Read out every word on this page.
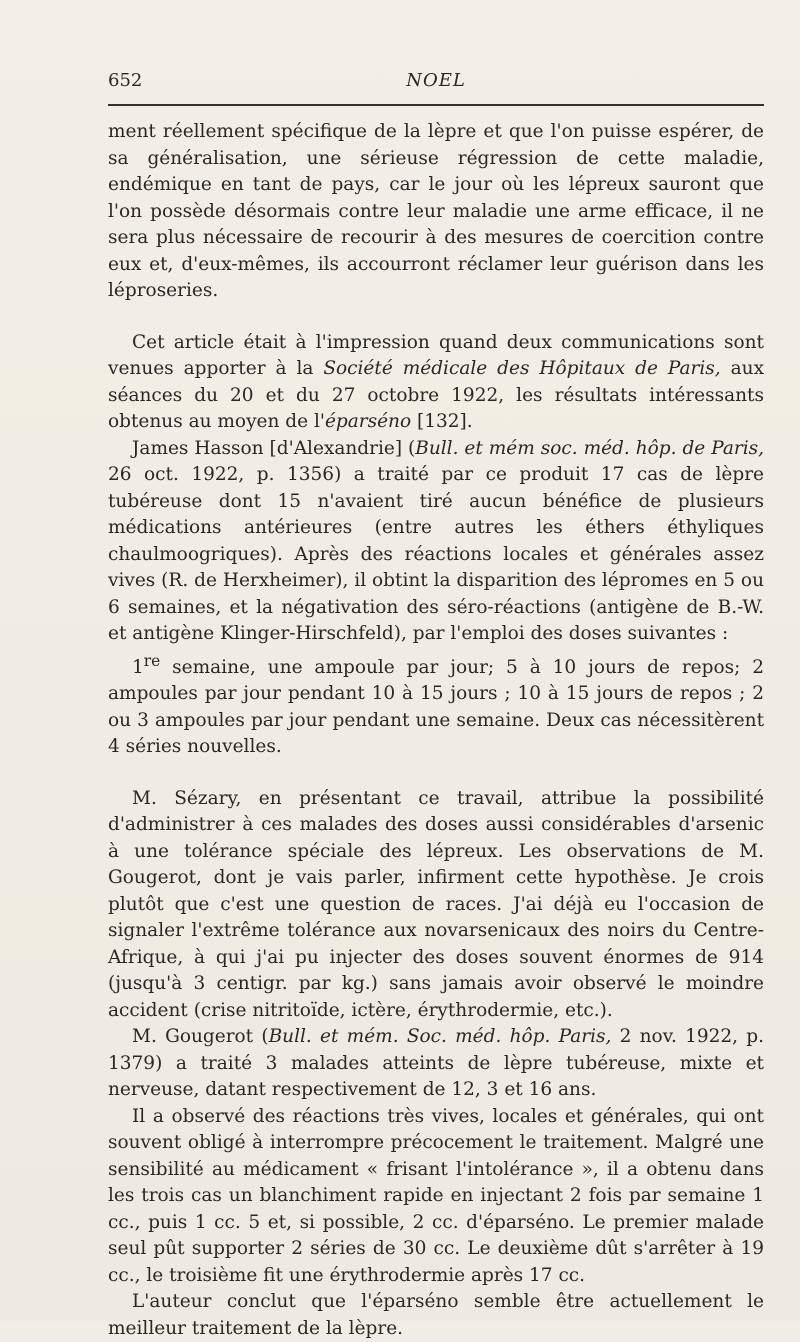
652	NOEL

ment réellement spécifique de la lèpre et que l'on puisse espérer, de sa généralisation, une sérieuse régression de cette maladie, endémique en tant de pays, car le jour où les lépreux sauront que l'on possède désormais contre leur maladie une arme efficace, il ne sera plus nécessaire de recourir à des mesures de coercition contre eux et, d'eux-mêmes, ils accourront réclamer leur guérison dans les léproseries.

Cet article était à l'impression quand deux communications sont venues apporter à la Société médicale des Hôpitaux de Paris, aux séances du 20 et du 27 octobre 1922, les résultats intéressants obtenus au moyen de l'éparséno [132].

James Hasson [d'Alexandrie] (Bull. et mém soc. méd. hôp. de Paris, 26 oct. 1922, p. 1356) a traité par ce produit 17 cas de lèpre tubéreuse dont 15 n'avaient tiré aucun bénéfice de plusieurs médications antérieures (entre autres les éthers éthyliques chaulmoogriques). Après des réactions locales et générales assez vives (R. de Herxheimer), il obtint la disparition des lépromes en 5 ou 6 semaines, et la négativation des séro-réactions (antigène de B.-W. et antigène Klinger-Hirschfeld), par l'emploi des doses suivantes :

1re semaine, une ampoule par jour; 5 à 10 jours de repos; 2 ampoules par jour pendant 10 à 15 jours ; 10 à 15 jours de repos ; 2 ou 3 ampoules par jour pendant une semaine. Deux cas nécessitèrent 4 séries nouvelles.

M. Sézary, en présentant ce travail, attribue la possibilité d'administrer à ces malades des doses aussi considérables d'arsenic à une tolérance spéciale des lépreux. Les observations de M. Gougerot, dont je vais parler, infirment cette hypothèse. Je crois plutôt que c'est une question de races. J'ai déjà eu l'occasion de signaler l'extrême tolérance aux novarsenicaux des noirs du Centre-Afrique, à qui j'ai pu injecter des doses souvent énormes de 914 (jusqu'à 3 centigr. par kg.) sans jamais avoir observé le moindre accident (crise nitritoïde, ictère, érythrodermie, etc.).

M. Gougerot (Bull. et mém. Soc. méd. hôp. Paris, 2 nov. 1922, p. 1379) a traité 3 malades atteints de lèpre tubéreuse, mixte et nerveuse, datant respectivement de 12, 3 et 16 ans.

Il a observé des réactions très vives, locales et générales, qui ont souvent obligé à interrompre précocement le traitement. Malgré une sensibilité au médicament « frisant l'intolérance », il a obtenu dans les trois cas un blanchiment rapide en injectant 2 fois par semaine 1 cc., puis 1 cc. 5 et, si possible, 2 cc. d'éparséno. Le premier malade seul pût supporter 2 séries de 30 cc. Le deuxième dût s'arrêter à 19 cc., le troisième fit une érythrodermie après 17 cc.

L'auteur conclut que l'éparséno semble être actuellement le meilleur traitement de la lèpre.
